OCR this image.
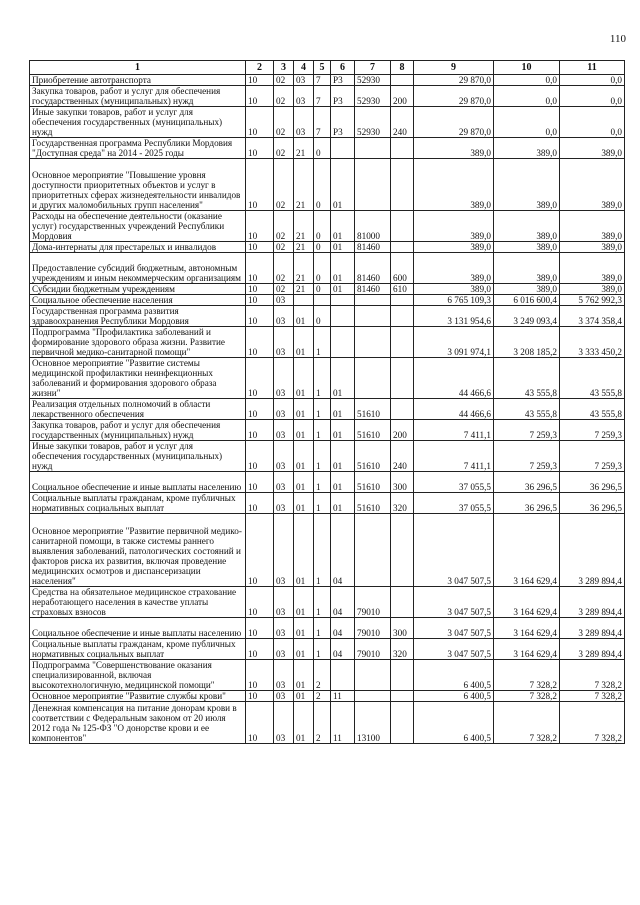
110
1	2	3	4	5	6	7	8	9	10	11
Приобретение автотранспорта	10	02	03	7	Р3	52930		29 870,0	0,0	0,0
Закупка товаров, работ и услуг для обеспечения государственных (муниципальных) нужд	10	02	03	7	Р3	52930	200	29 870,0	0,0	0,0
Иные закупки товаров, работ и услуг для обеспечения государственных (муниципальных) нужд	10	02	03	7	Р3	52930	240	29 870,0	0,0	0,0
Государственная программа Республики Мордовия "Доступная среда" на 2014 - 2025 годы	10	02	21	0				389,0	389,0	389,0
Основное мероприятие "Повышение уровня доступности приоритетных объектов и услуг в приоритетных сферах жизнедеятельности инвалидов и других маломобильных групп населения"	10	02	21	0	01			389,0	389,0	389,0
Расходы на обеспечение деятельности (оказание услуг) государственных учреждений Республики Мордовия	10	02	21	0	01	81000		389,0	389,0	389,0
Дома-интернаты для престарелых и инвалидов	10	02	21	0	01	81460		389,0	389,0	389,0
Предоставление субсидий бюджетным, автономным учреждениям и иным некоммерческим организациям	10	02	21	0	01	81460	600	389,0	389,0	389,0
Субсидии бюджетным учреждениям	10	02	21	0	01	81460	610	389,0	389,0	389,0
Социальное обеспечение населения	10	03						6 765 109,3	6 016 600,4	5 762 992,3
Государственная программа развития здравоохранения Республики Мордовия	10	03	01	0				3 131 954,6	3 249 093,4	3 374 358,4
Подпрограмма "Профилактика заболеваний и формирование здорового образа жизни. Развитие первичной медико-санитарной помощи"	10	03	01	1				3 091 974,1	3 208 185,2	3 333 450,2
Основное мероприятие "Развитие системы медицинской профилактики неинфекционных заболеваний и формирования здорового образа жизни"	10	03	01	1	01			44 466,6	43 555,8	43 555,8
Реализация отдельных полномочий в области лекарственного обеспечения	10	03	01	1	01	51610		44 466,6	43 555,8	43 555,8
Закупка товаров, работ и услуг для обеспечения государственных (муниципальных) нужд	10	03	01	1	01	51610	200	7 411,1	7 259,3	7 259,3
Иные закупки товаров, работ и услуг для обеспечения государственных (муниципальных) нужд	10	03	01	1	01	51610	240	7 411,1	7 259,3	7 259,3
Социальное обеспечение и иные выплаты населению	10	03	01	1	01	51610	300	37 055,5	36 296,5	36 296,5
Социальные выплаты гражданам, кроме публичных нормативных социальных выплат	10	03	01	1	01	51610	320	37 055,5	36 296,5	36 296,5
Основное мероприятие "Развитие первичной медико-санитарной помощи, в также системы раннего выявления заболеваний, патологических состояний и факторов риска их развития, включая проведение медицинских осмотров и диспансеризации населения"	10	03	01	1	04			3 047 507,5	3 164 629,4	3 289 894,4
Средства на обязательное медицинское страхование неработающего населения в качестве уплаты страховых взносов	10	03	01	1	04	79010		3 047 507,5	3 164 629,4	3 289 894,4
Социальное обеспечение и иные выплаты населению	10	03	01	1	04	79010	300	3 047 507,5	3 164 629,4	3 289 894,4
Социальные выплаты гражданам, кроме публичных нормативных социальных выплат	10	03	01	1	04	79010	320	3 047 507,5	3 164 629,4	3 289 894,4
Подпрограмма "Совершенствование оказания специализированной, включая высокотехнологичную, медицинской помощи"	10	03	01	2				6 400,5	7 328,2	7 328,2
Основное мероприятие "Развитие службы крови"	10	03	01	2	11			6 400,5	7 328,2	7 328,2
Денежная компенсация на питание донорам крови в соответствии с Федеральным законом от 20 июля 2012 года № 125-ФЗ "О донорстве крови и ее компонентов"	10	03	01	2	11	13100		6 400,5	7 328,2	7 328,2
